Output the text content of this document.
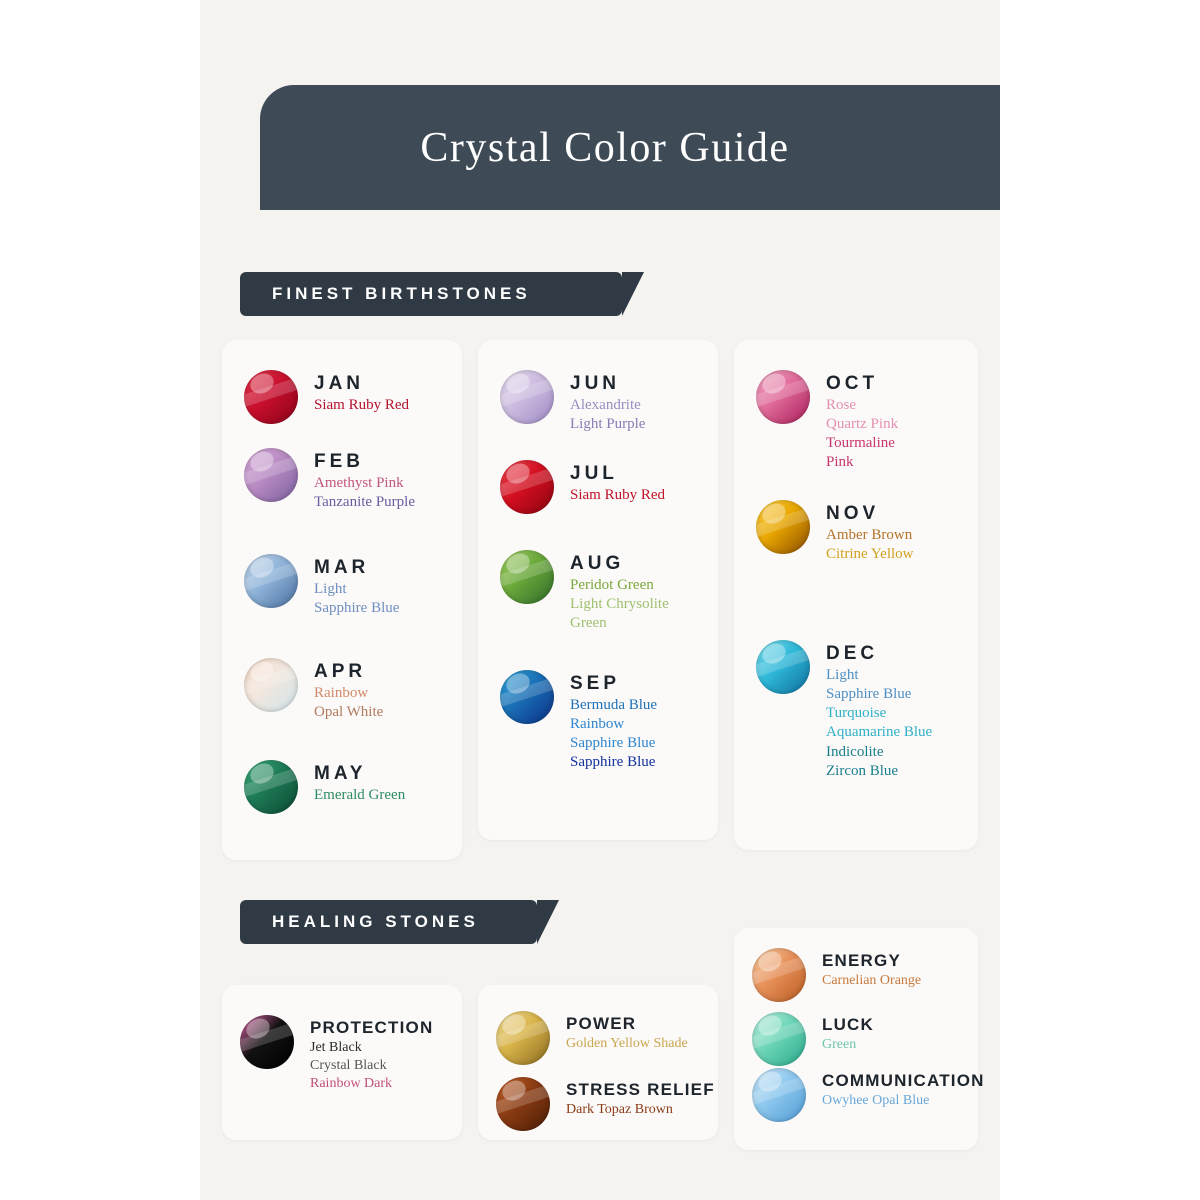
Crystal Color Guide
FINEST BIRTHSTONES
HEALING STONES
JAN
Siam Ruby Red
FEB
Amethyst Pink
Tanzanite Purple
MAR
Light
Sapphire Blue
APR
Rainbow
Opal White
MAY
Emerald Green
JUN
Alexandrite
Light Purple
JUL
Siam Ruby Red
AUG
Peridot Green
Light Chrysolite
Green
SEP
Bermuda Blue
Rainbow
Sapphire Blue
Sapphire Blue
OCT
Rose
Quartz Pink
Tourmaline
Pink
NOV
Amber Brown
Citrine Yellow
DEC
Light
Sapphire Blue
Turquoise
Aquamarine Blue
Indicolite
Zircon Blue
PROTECTION
Jet Black
Crystal Black
Rainbow Dark
POWER
Golden Yellow Shade
STRESS RELIEF
Dark Topaz Brown
ENERGY
Carnelian Orange
LUCK
Green
COMMUNICATION
Owyhee Opal Blue
